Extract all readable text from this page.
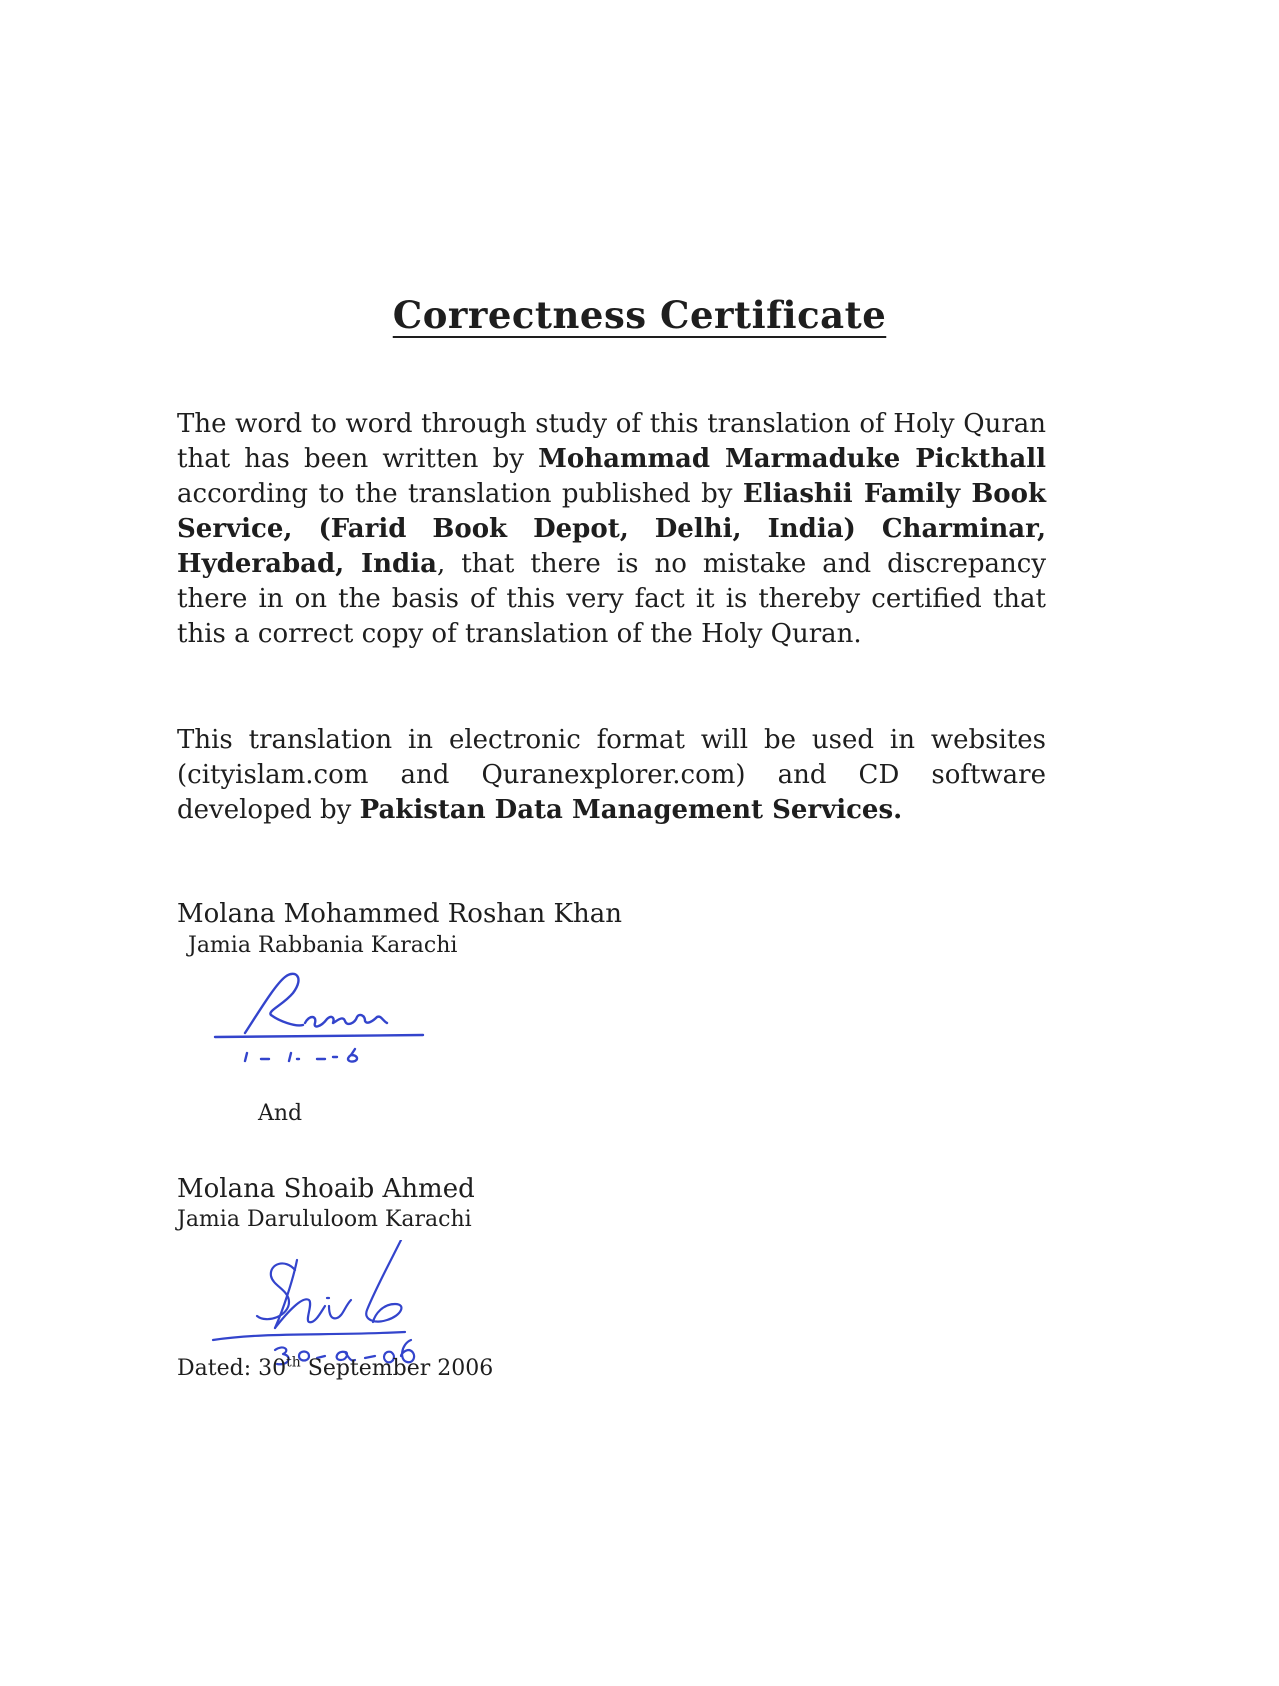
Correctness Certificate

The word to word through study of this translation of Holy Quran that has been written by Mohammad Marmaduke Pickthall according to the translation published by Eliashii Family Book Service, (Farid Book Depot, Delhi, India) Charminar, Hyderabad, India, that there is no mistake and discrepancy there in on the basis of this very fact it is thereby certified that this a correct copy of translation of the Holy Quran.

This translation in electronic format will be used in websites (cityislam.com and Quranexplorer.com) and CD software developed by Pakistan Data Management Services.

Molana Mohammed Roshan Khan
Jamia Rabbania Karachi
And
Molana Shoaib Ahmed
Jamia Darululoom Karachi
Dated: 30th September 2006
